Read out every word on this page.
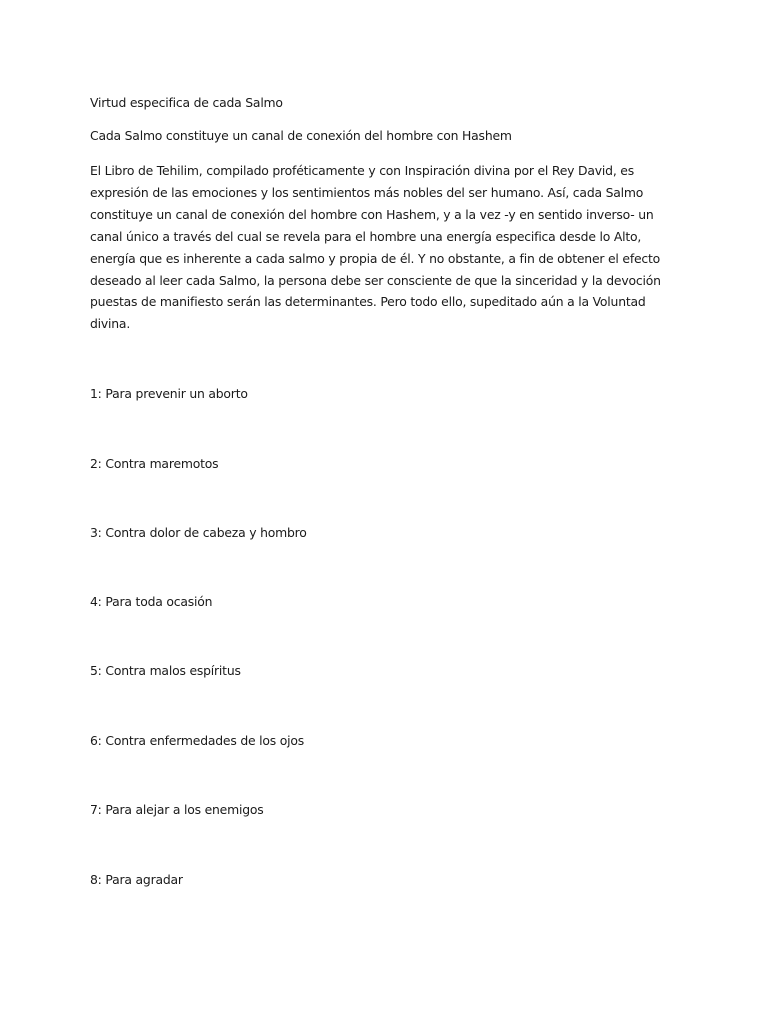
Virtud especifica de cada Salmo
Cada Salmo constituye un canal de conexión del hombre con Hashem
El Libro de Tehilim, compilado proféticamente y con Inspiración divina por el Rey David, es
expresión de las emociones y los sentimientos más nobles del ser humano. Así, cada Salmo
constituye un canal de conexión del hombre con Hashem, y a la vez -y en sentido inverso- un
canal único a través del cual se revela para el hombre una energía especifica desde lo Alto,
energía que es inherente a cada salmo y propia de él. Y no obstante, a fin de obtener el efecto
deseado al leer cada Salmo, la persona debe ser consciente de que la sinceridad y la devoción
puestas de manifiesto serán las determinantes. Pero todo ello, supeditado aún a la Voluntad
divina.
1: Para prevenir un aborto
2: Contra maremotos
3: Contra dolor de cabeza y hombro
4: Para toda ocasión
5: Contra malos espíritus
6: Contra enfermedades de los ojos
7: Para alejar a los enemigos
8: Para agradar
